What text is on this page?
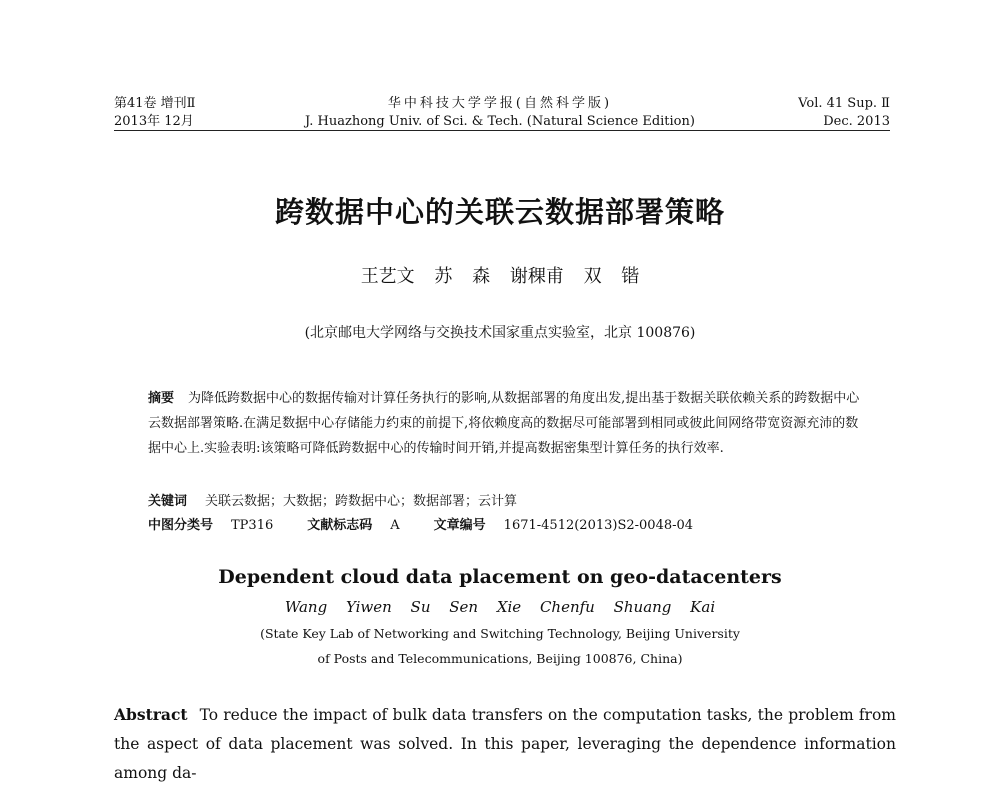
第41卷 增刊Ⅱ
2013年 12月
华中科技大学学报(自然科学版)
J. Huazhong Univ. of Sci. & Tech. (Natural Science Edition)
Vol. 41 Sup. Ⅱ
Dec. 2013
跨数据中心的关联云数据部署策略
王艺文 苏 森 谢稞甫 双 锴
(北京邮电大学网络与交换技术国家重点实验室，北京 100876)
摘要 为降低跨数据中心的数据传输对计算任务执行的影响,从数据部署的角度出发,提出基于数据关联依赖关系的跨数据中心云数据部署策略.在满足数据中心存储能力约束的前提下,将依赖度高的数据尽可能部署到相同或彼此间网络带宽资源充沛的数据中心上.实验表明:该策略可降低跨数据中心的传输时间开销,并提高数据密集型计算任务的执行效率.
关键词 关联云数据；大数据；跨数据中心；数据部署；云计算
中图分类号 TP316	文献标志码 A	文章编号 1671-4512(2013)S2-0048-04
Dependent cloud data placement on geo-datacenters
Wang Yiwen Su Sen Xie Chenfu Shuang Kai
(State Key Lab of Networking and Switching Technology, Beijing University
of Posts and Telecommunications, Beijing 100876, China)
Abstract To reduce the impact of bulk data transfers on the computation tasks, the problem from the aspect of data placement was solved. In this paper, leveraging the dependence information among da-
